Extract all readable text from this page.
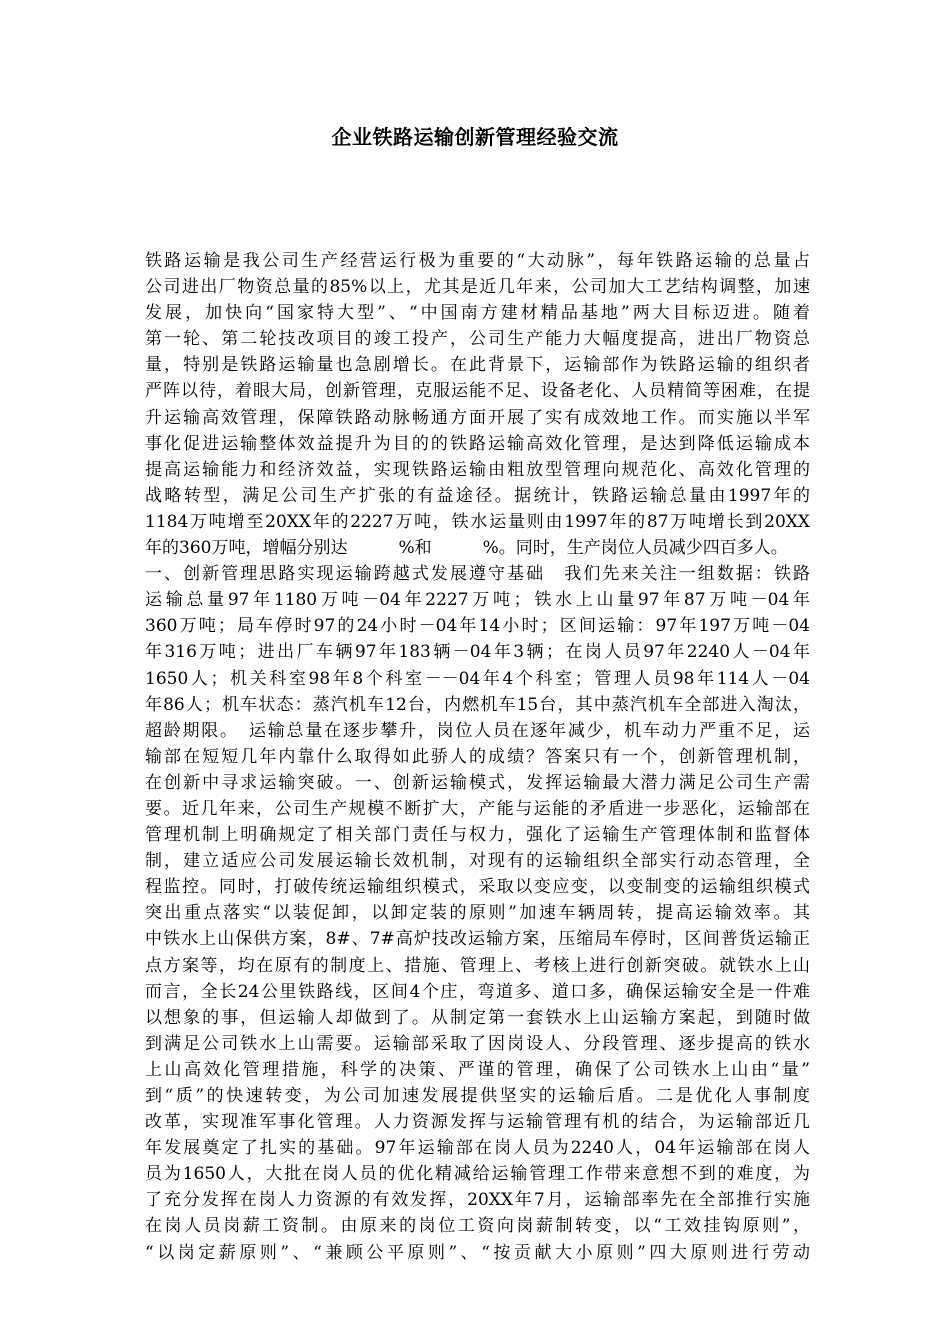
企业铁路运输创新管理经验交流
铁路运输是我公司生产经营运行极为重要的“大动脉”，每年铁路运输的总量占
公司进出厂物资总量的85%以上，尤其是近几年来，公司加大工艺结构调整，加速
发展，加快向“国家特大型”、“中国南方建材精品基地”两大目标迈进。随着
第一轮、第二轮技改项目的竣工投产，公司生产能力大幅度提高，进出厂物资总
量，特别是铁路运输量也急剧增长。在此背景下，运输部作为铁路运输的组织者
严阵以待，着眼大局，创新管理，克服运能不足、设备老化、人员精简等困难，在提
升运输高效管理，保障铁路动脉畅通方面开展了实有成效地工作。而实施以半军
事化促进运输整体效益提升为目的的铁路运输高效化管理，是达到降低运输成本
提高运输能力和经济效益，实现铁路运输由粗放型管理向规范化、高效化管理的
战略转型，满足公司生产扩张的有益途径。据统计，铁路运输总量由1997年的
1184万吨增至20XX年的2227万吨，铁水运量则由1997年的87万吨增长到20XX
年的360万吨，增幅分别达　　　%和　　　%。同时，生产岗位人员减少四百多人。
一、创新管理思路实现运输跨越式发展遵守基础　我们先来关注一组数据：铁路
运输总量97年1180万吨－04年2227万吨；铁水上山量97年87万吨－04年
360万吨；局车停时97的24小时－04年14小时；区间运输：97年197万吨－04
年316万吨；进出厂车辆97年183辆－04年3辆；在岗人员97年2240人－04年
1650人；机关科室98年8个科室－－04年4个科室；管理人员98年114人－04
年86人；机车状态：蒸汽机车12台，内燃机车15台，其中蒸汽机车全部进入淘汰，
超龄期限。　运输总量在逐步攀升，岗位人员在逐年减少，机车动力严重不足，运
输部在短短几年内靠什么取得如此骄人的成绩？答案只有一个，创新管理机制，
在创新中寻求运输突破。一、创新运输模式，发挥运输最大潜力满足公司生产需
要。近几年来，公司生产规模不断扩大，产能与运能的矛盾进一步恶化，运输部在
管理机制上明确规定了相关部门责任与权力，强化了运输生产管理体制和监督体
制，建立适应公司发展运输长效机制，对现有的运输组织全部实行动态管理，全
程监控。同时，打破传统运输组织模式，采取以变应变，以变制变的运输组织模式
突出重点落实“以装促卸，以卸定装的原则”加速车辆周转，提高运输效率。其
中铁水上山保供方案，8#、7#高炉技改运输方案，压缩局车停时，区间普货运输正
点方案等，均在原有的制度上、措施、管理上、考核上进行创新突破。就铁水上山
而言，全长24公里铁路线，区间4个庄，弯道多、道口多，确保运输安全是一件难
以想象的事，但运输人却做到了。从制定第一套铁水上山运输方案起，到随时做
到满足公司铁水上山需要。运输部采取了因岗设人、分段管理、逐步提高的铁水
上山高效化管理措施，科学的决策、严谨的管理，确保了公司铁水上山由“量”
到“质”的快速转变，为公司加速发展提供坚实的运输后盾。二是优化人事制度
改革，实现准军事化管理。人力资源发挥与运输管理有机的结合，为运输部近几
年发展奠定了扎实的基础。97年运输部在岗人员为2240人，04年运输部在岗人
员为1650人，大批在岗人员的优化精减给运输管理工作带来意想不到的难度，为
了充分发挥在岗人力资源的有效发挥，20XX年7月，运输部率先在全部推行实施
在岗人员岗薪工资制。由原来的岗位工资向岗薪制转变，以“工效挂钩原则”，
“以岗定薪原则”、“兼顾公平原则”、“按贡献大小原则”四大原则进行劳动
